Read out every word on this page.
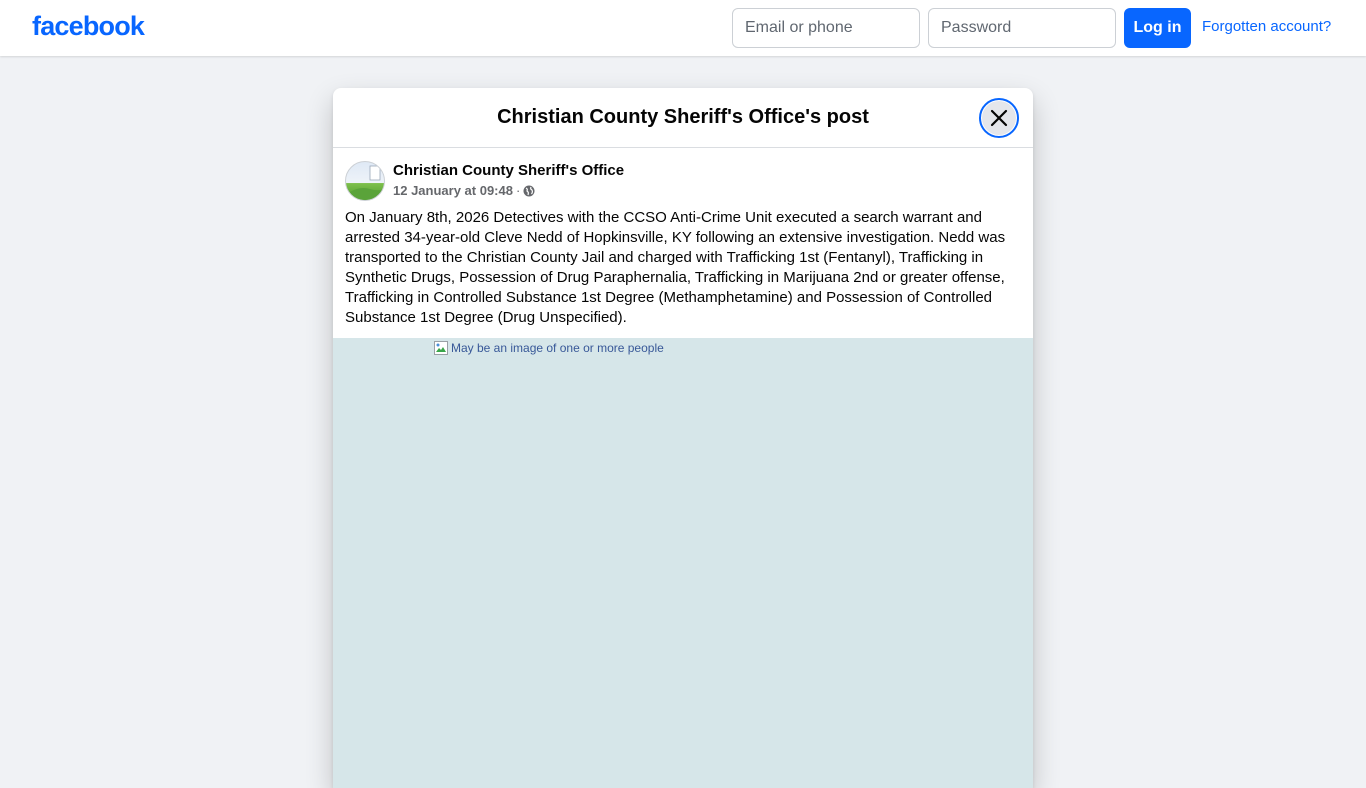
facebook
Email or phone	Log in	Forgotten account?
Christian County Sheriff's Office's post
Christian County Sheriff's Office
12 January at 09:48 ·
On January 8th, 2026 Detectives with the CCSO Anti-Crime Unit executed a search warrant and arrested 34-year-old Cleve Nedd of Hopkinsville, KY following an extensive investigation. Nedd was transported to the Christian County Jail and charged with Trafficking 1st (Fentanyl), Trafficking in Synthetic Drugs, Possession of Drug Paraphernalia, Trafficking in Marijuana 2nd or greater offense, Trafficking in Controlled Substance 1st Degree (Methamphetamine) and Possession of Controlled Substance 1st Degree (Drug Unspecified).
May be an image of one or more people
